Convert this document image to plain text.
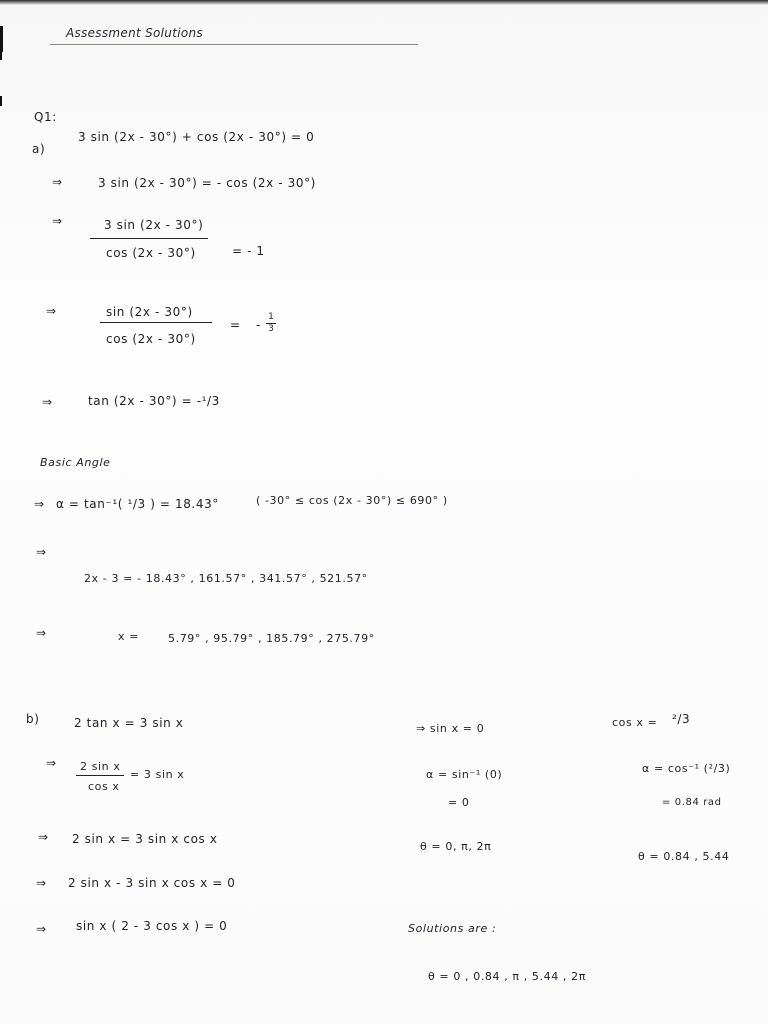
Assessment Solutions
Q1:
a)
3 sin (2x - 30°) + cos (2x - 30°) = 0
⇒	3 sin (2x - 30°) = - cos (2x - 30°)
⇒	3 sin (2x - 30°)
cos (2x - 30°)	= - 1
⇒	sin (2x - 30°)
cos (2x - 30°)
= -
1
3
⇒	tan (2x - 30°) = -¹/3
Basic Angle
⇒ α = tan⁻¹( ¹/3 ) = 18.43°	( -30° ≤ cos (2x - 30°) ≤ 690° )
⇒
2x - 3 = - 18.43° , 161.57° , 341.57° , 521.57°
⇒	x =	5.79° , 95.79° , 185.79° , 275.79°
b)	2 tan x = 3 sin x
⇒ 2 sin x
cos x
= 3 sin x
⇒ 2 sin x = 3 sin x cos x
⇒ 2 sin x - 3 sin x cos x = 0
⇒ sin x ( 2 - 3 cos x ) = 0
⇒ sin x = 0
α = sin⁻¹ (0)
= 0
θ = 0, π, 2π
cos x = ²/3
α = cos⁻¹ (²/3)
= 0.84 rad
θ = 0.84 , 5.44
Solutions are :
θ = 0 , 0.84 , π , 5.44 , 2π
